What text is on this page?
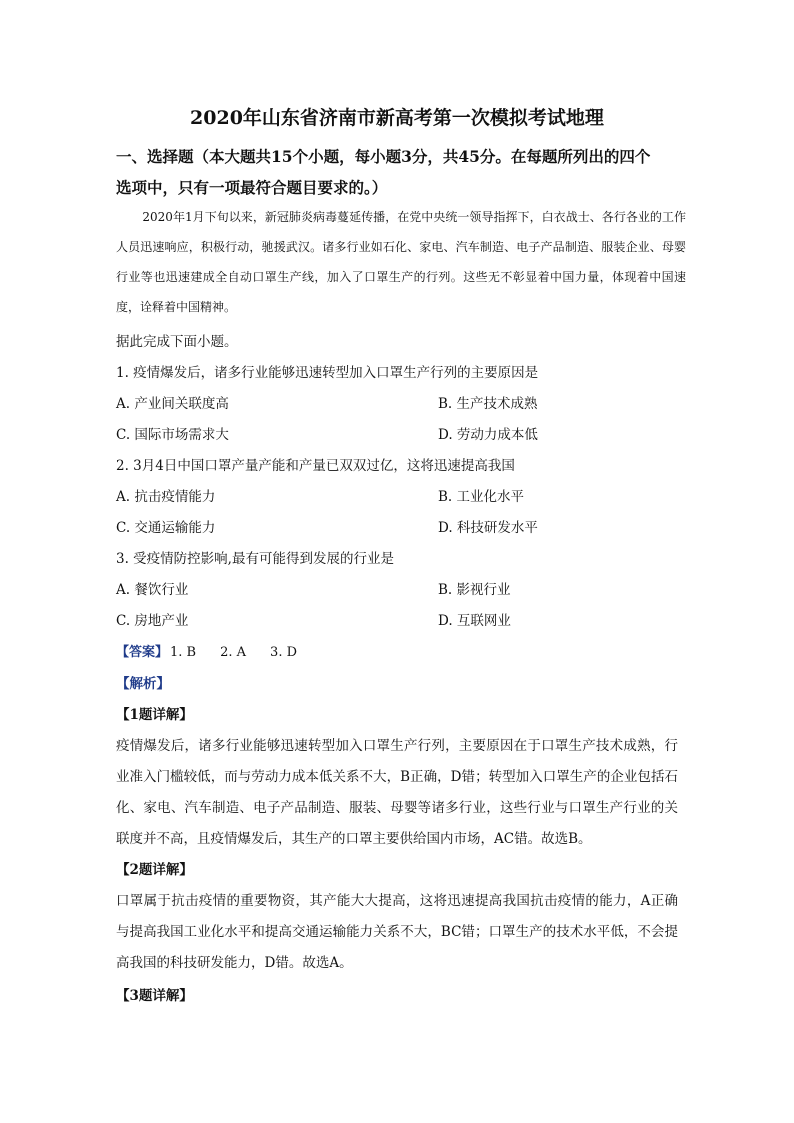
2020年山东省济南市新高考第一次模拟考试地理
一、选择题（本大题共15个小题，每小题3分，共45分。在每题所列出的四个
选项中，只有一项最符合题目要求的。）

2020年1月下旬以来，新冠肺炎病毒蔓延传播，在党中央统一领导指挥下，白衣战士、各行各业的工作人员迅速响应，积极行动，驰援武汉。诸多行业如石化、家电、汽车制造、电子产品制造、服装企业、母婴行业等也迅速建成全自动口罩生产线，加入了口罩生产的行列。这些无不彰显着中国力量，体现着中国速度，诠释着中国精神。

据此完成下面小题。
1. 疫情爆发后，诸多行业能够迅速转型加入口罩生产行列的主要原因是
A. 产业间关联度高	B. 生产技术成熟
C. 国际市场需求大	D. 劳动力成本低
2. 3月4日中国口罩产量产能和产量已双双过亿，这将迅速提高我国
A. 抗击疫情能力	B. 工业化水平
C. 交通运输能力	D. 科技研发水平
3. 受疫情防控影响,最有可能得到发展的行业是
A. 餐饮行业	B. 影视行业
C. 房地产业	D. 互联网业
【答案】 1. B 2. A 3. D
【解析】
【1题详解】
疫情爆发后，诸多行业能够迅速转型加入口罩生产行列，主要原因在于口罩生产技术成熟，行业准入门槛较低，而与劳动力成本低关系不大，B正确，D错；转型加入口罩生产的企业包括石化、家电、汽车制造、电子产品制造、服装、母婴等诸多行业，这些行业与口罩生产行业的关联度并不高，且疫情爆发后，其生产的口罩主要供给国内市场，AC错。故选B。
【2题详解】
口罩属于抗击疫情的重要物资，其产能大大提高，这将迅速提高我国抗击疫情的能力，A正确与提高我国工业化水平和提高交通运输能力关系不大，BC错；口罩生产的技术水平低，不会提高我国的科技研发能力，D错。故选A。
【3题详解】
